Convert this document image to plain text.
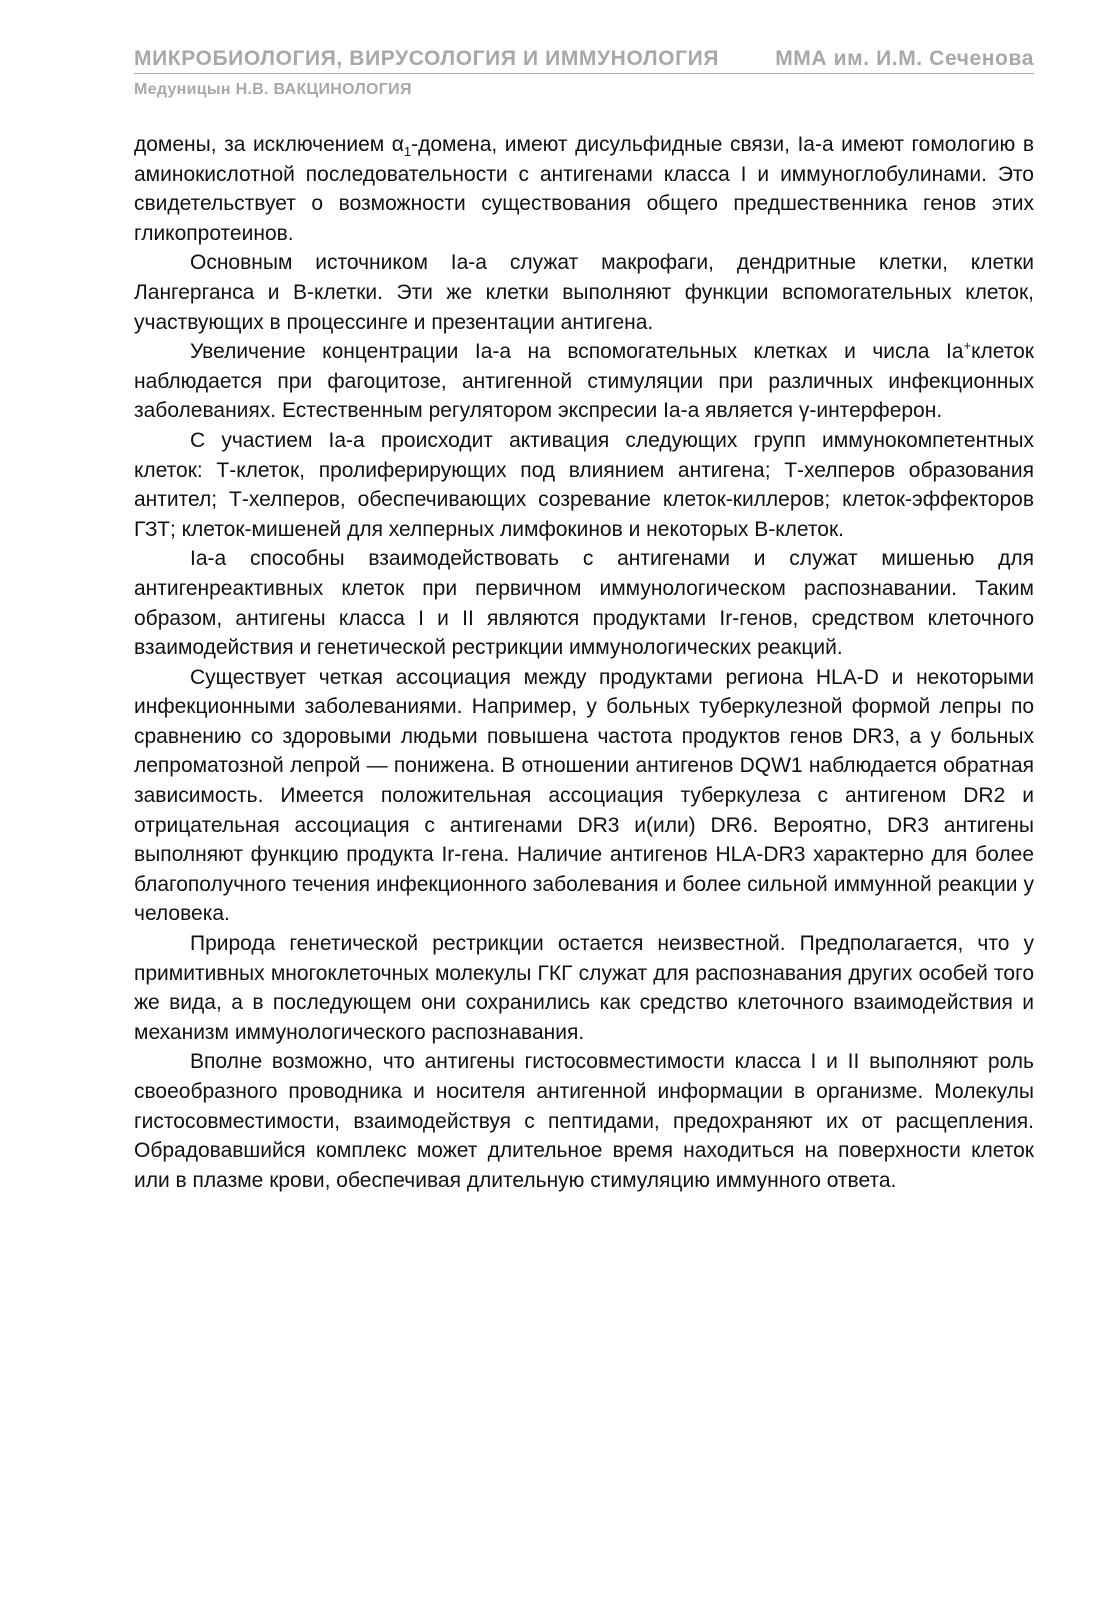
МИКРОБИОЛОГИЯ, ВИРУСОЛОГИЯ И ИММУНОЛОГИЯ	ММА им. И.М. Сеченова
Медуницын Н.В. ВАКЦИНОЛОГИЯ

домены, за исключением $\alpha_1$-домена, имеют дисульфидные связи, Ia-а имеют гомологию в аминокислотной последовательности с антигенами класса I и иммуноглобулинами. Это свидетельствует о возможности существования общего предшественника генов этих гликопротеинов.

Основным источником Ia-а служат макрофаги, дендритные клетки, клетки Лангерганса и В-клетки. Эти же клетки выполняют функции вспомогательных клеток, участвующих в процессинге и презентации антигена.

Увеличение концентрации Ia-а на вспомогательных клетках и числа Ia+клеток наблюдается при фагоцитозе, антигенной стимуляции при различных инфекционных заболеваниях. Естественным регулятором экспресии Ia-а является γ-интерферон.

С участием Ia-а происходит активация следующих групп иммунокомпетентных клеток: Т-клеток, пролиферирующих под влиянием антигена; Т-хелперов образования антител; Т-хелперов, обеспечивающих созревание клеток-киллеров; клеток-эффекторов ГЗТ; клеток-мишеней для хелперных лимфокинов и некоторых В-клеток.

Ia-а способны взаимодействовать с антигенами и служат мишенью для антигенреактивных клеток при первичном иммунологическом распознавании. Таким образом, антигены класса I и II являются продуктами Ir-генов, средством клеточного взаимодействия и генетической рестрикции иммунологических реакций.

Существует четкая ассоциация между продуктами региона HLA-D и некоторыми инфекционными заболеваниями. Например, у больных туберкулезной формой лепры по сравнению со здоровыми людьми повышена частота продуктов генов DR3, а у больных лепроматозной лепрой — понижена. В отношении антигенов DQW1 наблюдается обратная зависимость. Имеется положительная ассоциация туберкулеза с антигеном DR2 и отрицательная ассоциация с антигенами DR3 и(или) DR6. Вероятно, DR3 антигены выполняют функцию продукта Ir-гена. Наличие антигенов HLA-DR3 характерно для более благополучного течения инфекционного заболевания и более сильной иммунной реакции у человека.

Природа генетической рестрикции остается неизвестной. Предполагается, что у примитивных многоклеточных молекулы ГКГ служат для распознавания других особей того же вида, а в последующем они сохранились как средство клеточного взаимодействия и механизм иммунологического распознавания.

Вполне возможно, что антигены гистосовместимости класса I и II выполняют роль своеобразного проводника и носителя антигенной информации в организме. Молекулы гистосовместимости, взаимодействуя с пептидами, предохраняют их от расщепления. Обрадовавшийся комплекс может длительное время находиться на поверхности клеток или в плазме крови, обеспечивая длительную стимуляцию иммунного ответа.
